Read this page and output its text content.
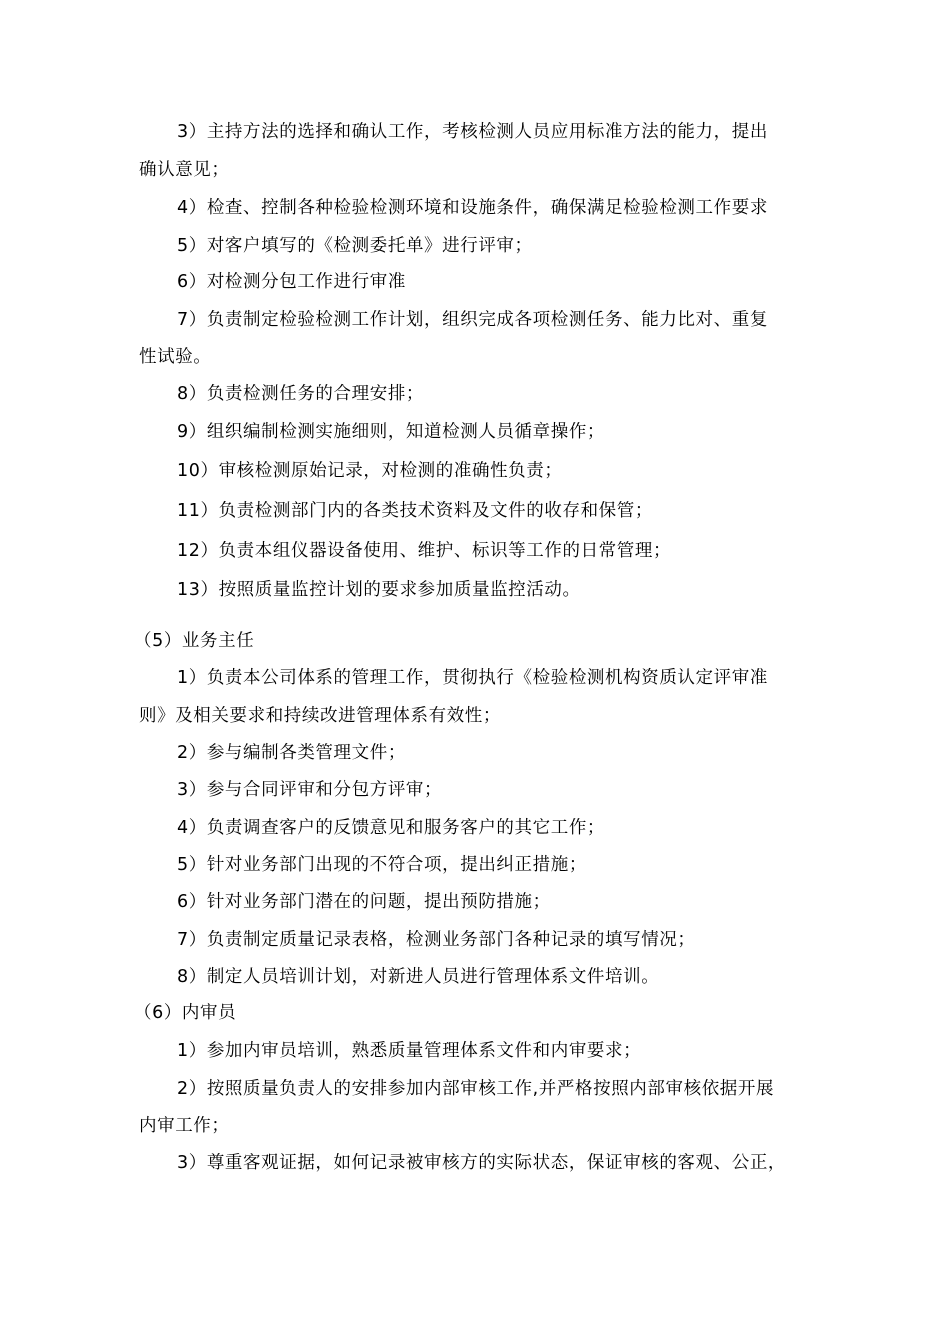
3）主持方法的选择和确认工作，考核检测人员应用标准方法的能力，提出
确认意见；
4）检查、控制各种检验检测环境和设施条件，确保满足检验检测工作要求
5）对客户填写的《检测委托单》进行评审；
6）对检测分包工作进行审准
7）负责制定检验检测工作计划，组织完成各项检测任务、能力比对、重复
性试验。
8）负责检测任务的合理安排；
9）组织编制检测实施细则，知道检测人员循章操作；
10）审核检测原始记录，对检测的准确性负责；
11）负责检测部门内的各类技术资料及文件的收存和保管；
12）负责本组仪器设备使用、维护、标识等工作的日常管理；
13）按照质量监控计划的要求参加质量监控活动。
（5）业务主任
1）负责本公司体系的管理工作，贯彻执行《检验检测机构资质认定评审准
则》及相关要求和持续改进管理体系有效性；
2）参与编制各类管理文件；
3）参与合同评审和分包方评审；
4）负责调查客户的反馈意见和服务客户的其它工作；
5）针对业务部门出现的不符合项，提出纠正措施；
6）针对业务部门潜在的问题，提出预防措施；
7）负责制定质量记录表格，检测业务部门各种记录的填写情况；
8）制定人员培训计划，对新进人员进行管理体系文件培训。
（6）内审员
1）参加内审员培训，熟悉质量管理体系文件和内审要求；
2）按照质量负责人的安排参加内部审核工作,并严格按照内部审核依据开展
内审工作；
3）尊重客观证据，如何记录被审核方的实际状态，保证审核的客观、公正，
